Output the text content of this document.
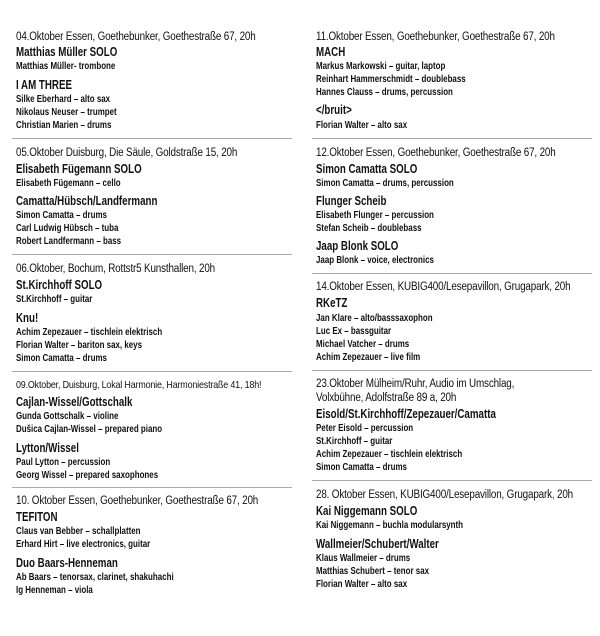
04.Oktober Essen, Goethebunker, Goethestraße 67, 20h
Matthias Müller SOLO
Matthias Müller- trombone
I AM THREE
Silke Eberhard – alto sax
Nikolaus Neuser – trumpet
Christian Marien – drums
05.Oktober Duisburg, Die Säule, Goldstraße 15, 20h
Elisabeth Fügemann SOLO
Elisabeth Fügemann – cello
Camatta/Hübsch/Landfermann
Simon Camatta – drums
Carl Ludwig Hübsch – tuba
Robert Landfermann – bass
06.Oktober, Bochum, Rottstr5 Kunsthallen, 20h
St.Kirchhoff SOLO
St.Kirchhoff – guitar
Knu!
Achim Zepezauer – tischlein elektrisch
Florian Walter – bariton sax, keys
Simon Camatta – drums
09.Oktober, Duisburg, Lokal Harmonie, Harmoniestraße 41, 18h!
Cajlan-Wissel/Gottschalk
Gunda Gottschalk – violine
Dušica Cajlan-Wissel – prepared piano
Lytton/Wissel
Paul Lytton – percussion
Georg Wissel – prepared saxophones
10. Oktober Essen, Goethebunker, Goethestraße 67, 20h
TEFITON
Claus van Bebber – schallplatten
Erhard Hirt – live electronics, guitar
Duo Baars-Henneman
Ab Baars – tenorsax, clarinet, shakuhachi
Ig Henneman – viola
11.Oktober Essen, Goethebunker, Goethestraße 67, 20h
MACH
Markus Markowski – guitar, laptop
Reinhart Hammerschmidt – doublebass
Hannes Clauss – drums, percussion
</bruit>
Florian Walter – alto sax
12.Oktober Essen, Goethebunker, Goethestraße 67, 20h
Simon Camatta SOLO
Simon Camatta – drums, percussion
Flunger Scheib
Elisabeth Flunger – percussion
Stefan Scheib – doublebass
Jaap Blonk SOLO
Jaap Blonk – voice, electronics
14.Oktober Essen, KUBIG400/Lesepavillon, Grugapark, 20h
RKeTZ
Jan Klare – alto/basssaxophon
Luc Ex – bassguitar
Michael Vatcher – drums
Achim Zepezauer – live film
23.Oktober Mülheim/Ruhr, Audio im Umschlag,
Volxbühne, Adolfstraße 89 a, 20h
Eisold/St.Kirchhoff/Zepezauer/Camatta
Peter Eisold – percussion
St.Kirchhoff – guitar
Achim Zepezauer – tischlein elektrisch
Simon Camatta – drums
28. Oktober Essen, KUBIG400/Lesepavillon, Grugapark, 20h
Kai Niggemann SOLO
Kai Niggemann – buchla modularsynth
Wallmeier/Schubert/Walter
Klaus Wallmeier – drums
Matthias Schubert – tenor sax
Florian Walter – alto sax
